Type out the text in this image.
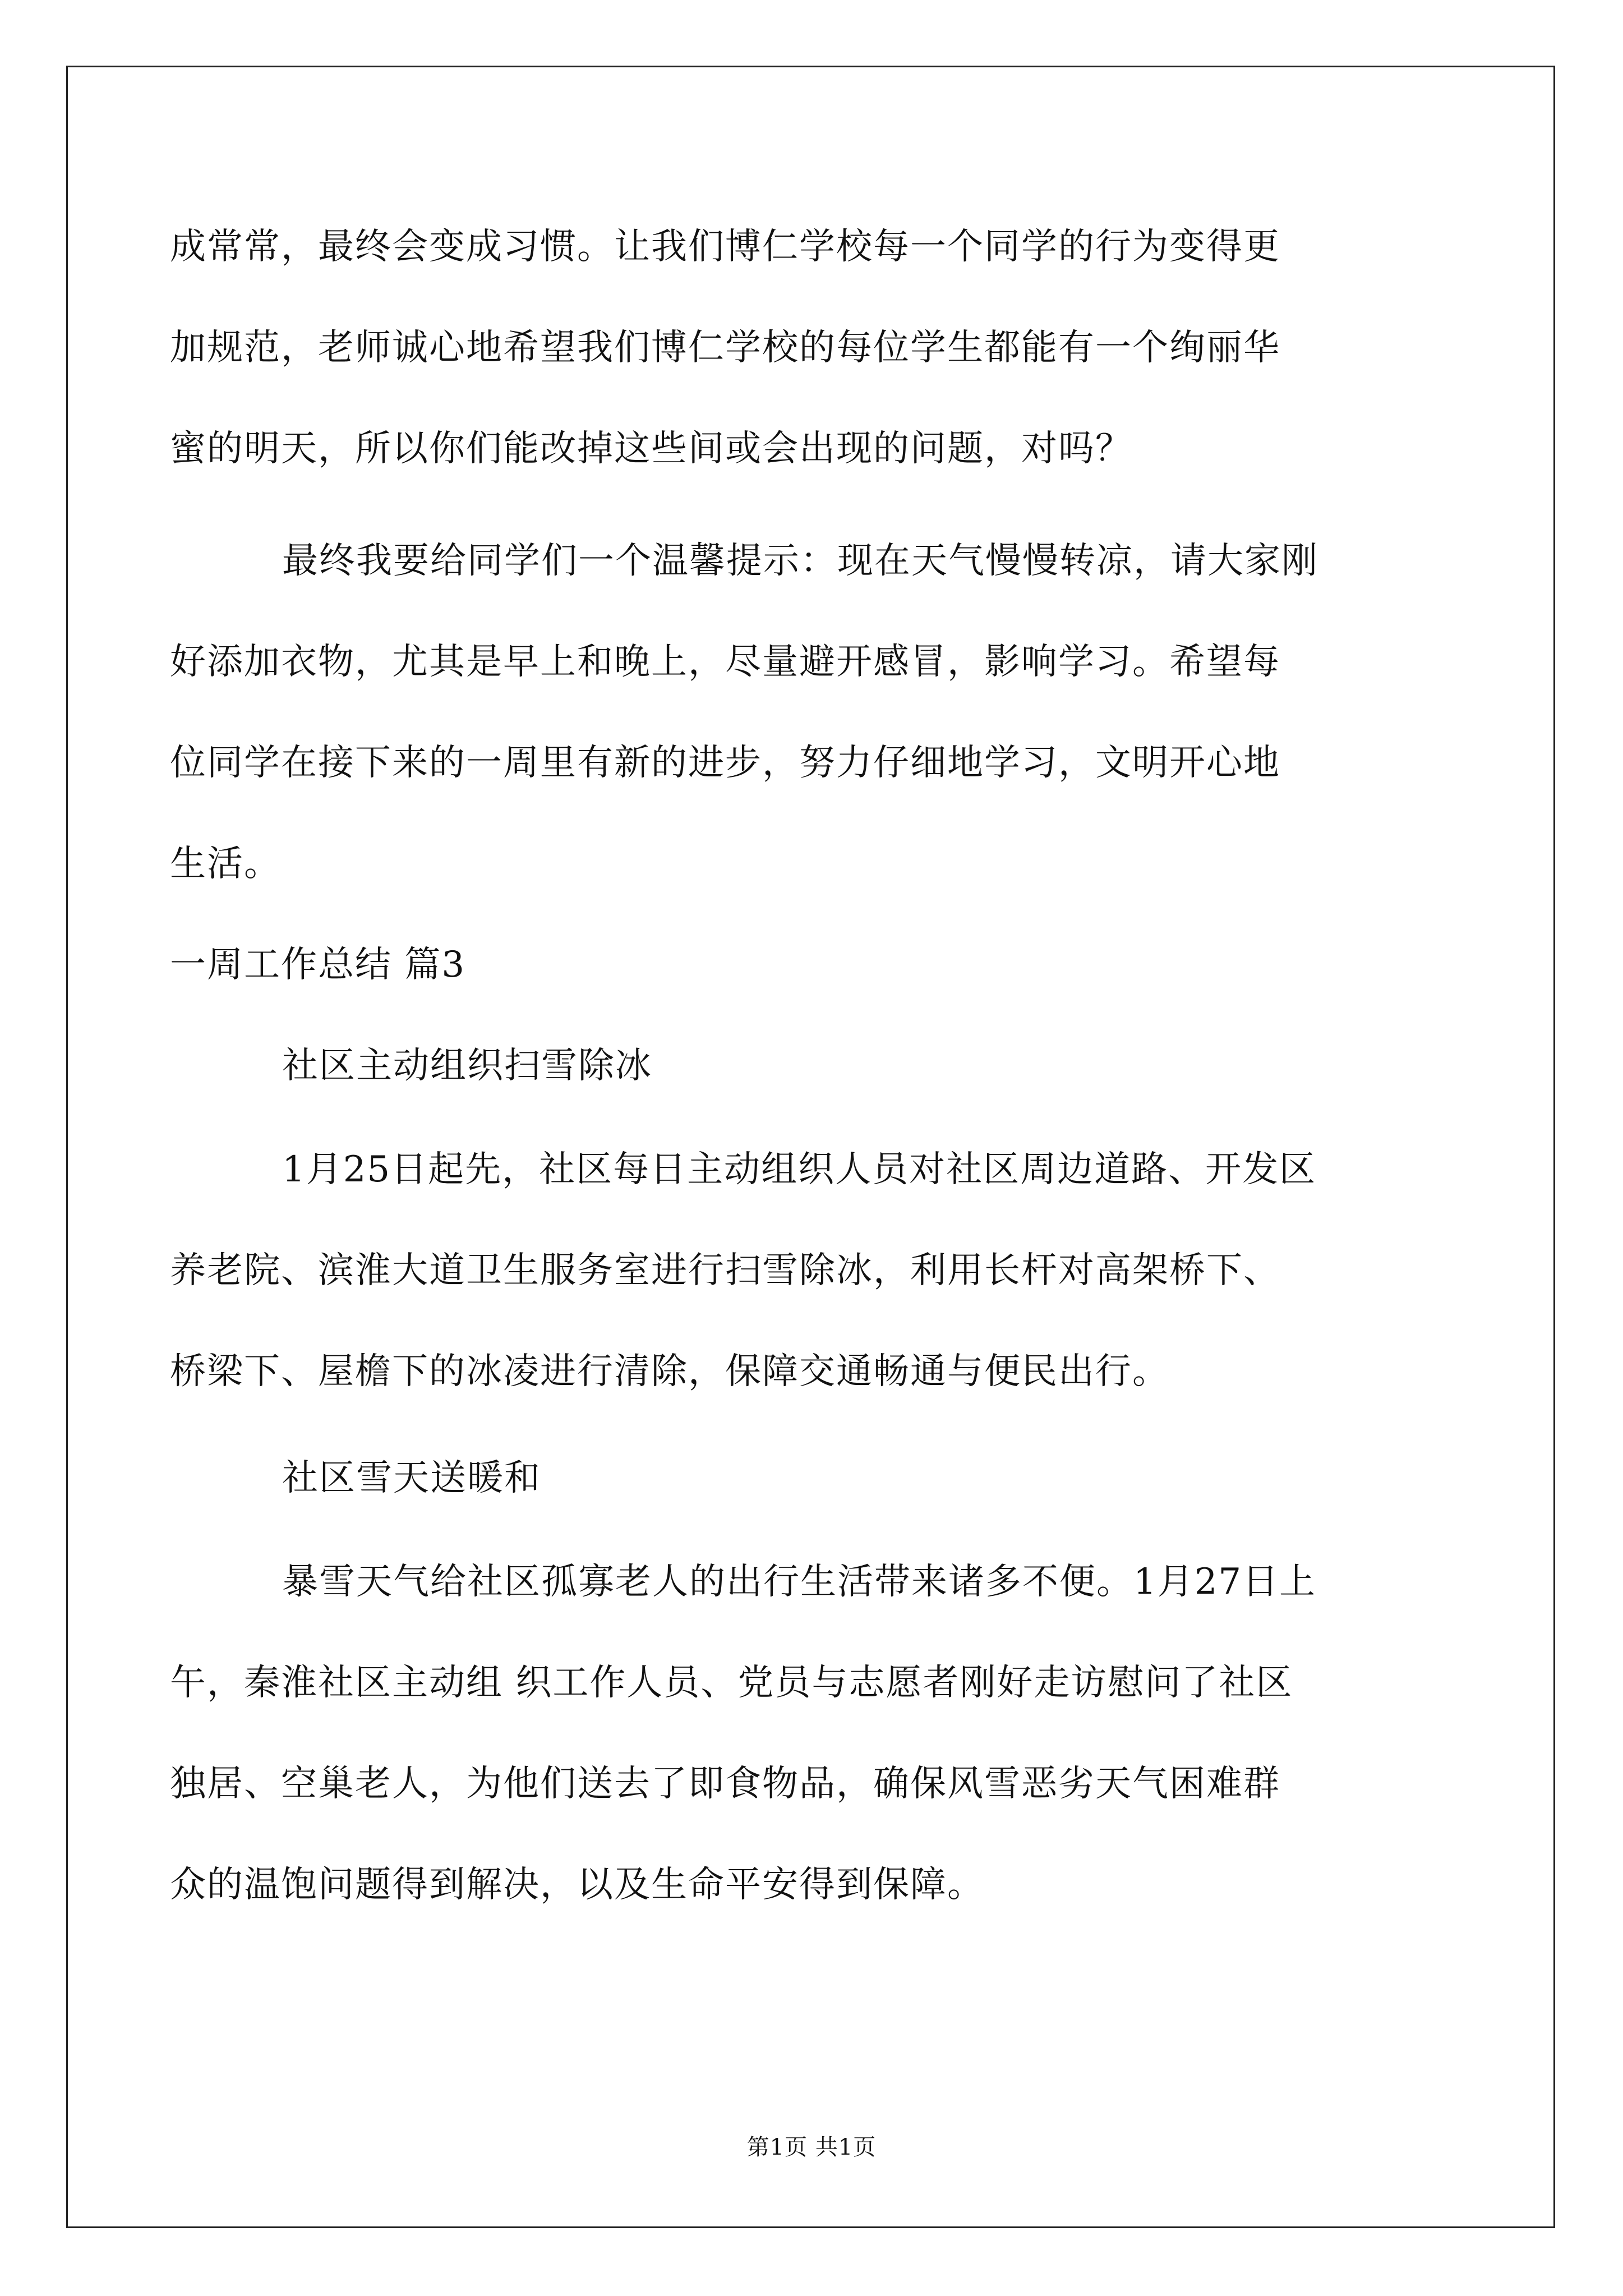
成常常，最终会变成习惯。让我们博仁学校每一个同学的行为变得更
加规范，老师诚心地希望我们博仁学校的每位学生都能有一个绚丽华
蜜的明天，所以你们能改掉这些间或会出现的问题，对吗？
最终我要给同学们一个温馨提示：现在天气慢慢转凉，请大家刚
好添加衣物，尤其是早上和晚上，尽量避开感冒，影响学习。希望每
位同学在接下来的一周里有新的进步，努力仔细地学习，文明开心地
生活。
一周工作总结 篇3
社区主动组织扫雪除冰
1月25日起先，社区每日主动组织人员对社区周边道路、开发区
养老院、滨淮大道卫生服务室进行扫雪除冰，利用长杆对高架桥下、
桥梁下、屋檐下的冰凌进行清除，保障交通畅通与便民出行。
社区雪天送暖和
暴雪天气给社区孤寡老人的出行生活带来诸多不便。1月27日上
午，秦淮社区主动组 织工作人员、党员与志愿者刚好走访慰问了社区
独居、空巢老人，为他们送去了即食物品，确保风雪恶劣天气困难群
众的温饱问题得到解决，以及生命平安得到保障。
第1页 共1页
